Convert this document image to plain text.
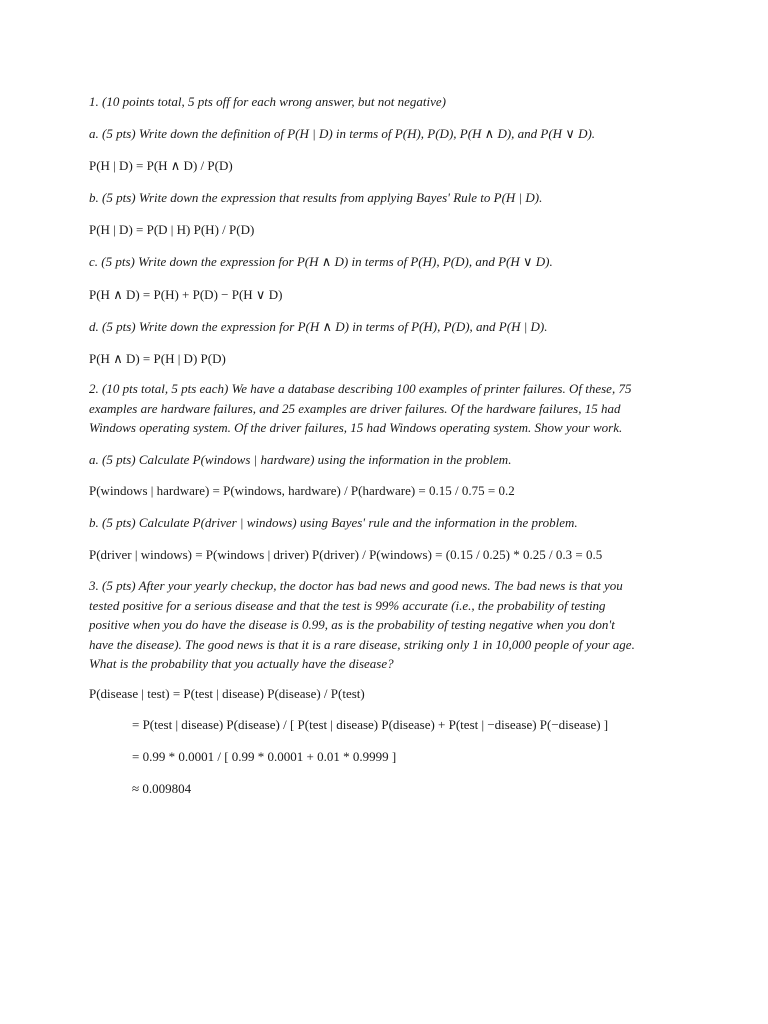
1. (10 points total, 5 pts off for each wrong answer, but not negative)

a. (5 pts) Write down the definition of P(H | D) in terms of P(H), P(D), P(H ∧ D), and P(H ∨ D).

P(H | D) = P(H ∧ D) / P(D)

b. (5 pts) Write down the expression that results from applying Bayes' Rule to P(H | D).

P(H | D) = P(D | H) P(H) / P(D)

c. (5 pts) Write down the expression for P(H ∧ D) in terms of P(H), P(D), and P(H ∨ D).

P(H ∧ D) = P(H) + P(D) − P(H ∨ D)

d. (5 pts) Write down the expression for P(H ∧ D) in terms of P(H), P(D), and P(H | D).

P(H ∧ D) = P(H | D) P(D)

2. (10 pts total, 5 pts each) We have a database describing 100 examples of printer failures. Of these, 75
examples are hardware failures, and 25 examples are driver failures. Of the hardware failures, 15 had
Windows operating system. Of the driver failures, 15 had Windows operating system. Show your work.

a. (5 pts) Calculate P(windows | hardware) using the information in the problem.

P(windows | hardware) = P(windows, hardware) / P(hardware) = 0.15 / 0.75 = 0.2

b. (5 pts) Calculate P(driver | windows) using Bayes' rule and the information in the problem.

P(driver | windows) = P(windows | driver) P(driver) / P(windows) = (0.15 / 0.25) * 0.25 / 0.3 = 0.5

3. (5 pts) After your yearly checkup, the doctor has bad news and good news. The bad news is that you
tested positive for a serious disease and that the test is 99% accurate (i.e., the probability of testing
positive when you do have the disease is 0.99, as is the probability of testing negative when you don't
have the disease). The good news is that it is a rare disease, striking only 1 in 10,000 people of your age.
What is the probability that you actually have the disease?

P(disease | test) = P(test | disease) P(disease) / P(test)

= P(test | disease) P(disease) / [ P(test | disease) P(disease) + P(test | −disease) P(−disease) ]

= 0.99 * 0.0001 / [ 0.99 * 0.0001 + 0.01 * 0.9999 ]

≈ 0.009804
